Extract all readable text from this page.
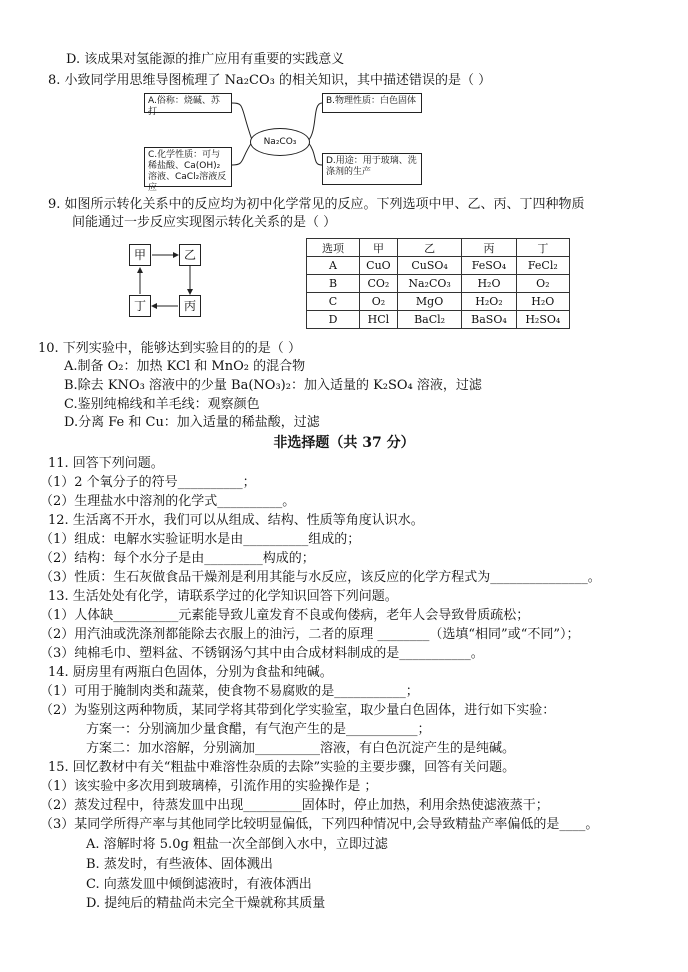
D. 该成果对氢能源的推广应用有重要的实践意义
8. 小致同学用思维导图梳理了 Na₂CO₃ 的相关知识，其中描述错误的是（ ）
9. 如图所示转化关系中的反应均为初中化学常见的反应。下列选项中甲、乙、丙、丁四种物质
间能通过一步反应实现图示转化关系的是（ ）
10. 下列实验中，能够达到实验目的的是（ ）
A.制备 O₂：加热 KCl 和 MnO₂ 的混合物
B.除去 KNO₃ 溶液中的少量 Ba(NO₃)₂：加入适量的 K₂SO₄ 溶液，过滤
C.鉴别纯棉线和羊毛线：观察颜色
D.分离 Fe 和 Cu：加入适量的稀盐酸，过滤
11. 回答下列问题。
（1）2 个氧分子的符号__________；
（2）生理盐水中溶剂的化学式__________。
12. 生活离不开水，我们可以从组成、结构、性质等角度认识水。
（1）组成：电解水实验证明水是由__________组成的；
（2）结构：每个水分子是由_________构成的；
（3）性质：生石灰做食品干燥剂是利用其能与水反应，该反应的化学方程式为_______________。
13. 生活处处有化学，请联系学过的化学知识回答下列问题。
（1）人体缺__________元素能导致儿童发育不良或佝偻病，老年人会导致骨质疏松；
（2）用汽油或洗涤剂都能除去衣服上的油污，二者的原理 ________（选填“相同”或“不同”）；
（3）纯棉毛巾、塑料盆、不锈钢汤勺其中由合成材料制成的是___________。
14. 厨房里有两瓶白色固体，分别为食盐和纯碱。
（1）可用于腌制肉类和蔬菜，使食物不易腐败的是___________；
（2）为鉴别这两种物质，某同学将其带到化学实验室，取少量白色固体，进行如下实验：
方案一：分别滴加少量食醋，有气泡产生的是___________；
方案二：加水溶解，分别滴加__________溶液，有白色沉淀产生的是纯碱。
15. 回忆教材中有关“粗盐中难溶性杂质的去除”实验的主要步骤，回答有关问题。
（1）该实验中多次用到玻璃棒，引流作用的实验操作是 ；
（2）蒸发过程中，待蒸发皿中出现_________固体时，停止加热，利用余热使滤液蒸干；
（3）某同学所得产率与其他同学比较明显偏低，下列四种情况中,会导致精盐产率偏低的是____。
A. 溶解时将 5.0g 粗盐一次全部倒入水中，立即过滤
B. 蒸发时，有些液体、固体溅出
C. 向蒸发皿中倾倒滤液时，有液体洒出
D. 提纯后的精盐尚未完全干燥就称其质量
非选择题（共 37 分）
A.俗称：烧碱、苏打
B.物理性质：白色固体
C.化学性质：可与稀盐酸、Ca(OH)₂溶液、CaCl₂溶液反应
D.用途：用于玻璃、洗涤剂的生产
Na₂CO₃
甲	乙
丁	丙
选项	甲	乙	丙	丁
A	CuO	CuSO₄	FeSO₄	FeCl₂
B	CO₂	Na₂CO₃	H₂O	O₂
C	O₂	MgO	H₂O₂	H₂O
D	HCl	BaCl₂	BaSO₄	H₂SO₄
